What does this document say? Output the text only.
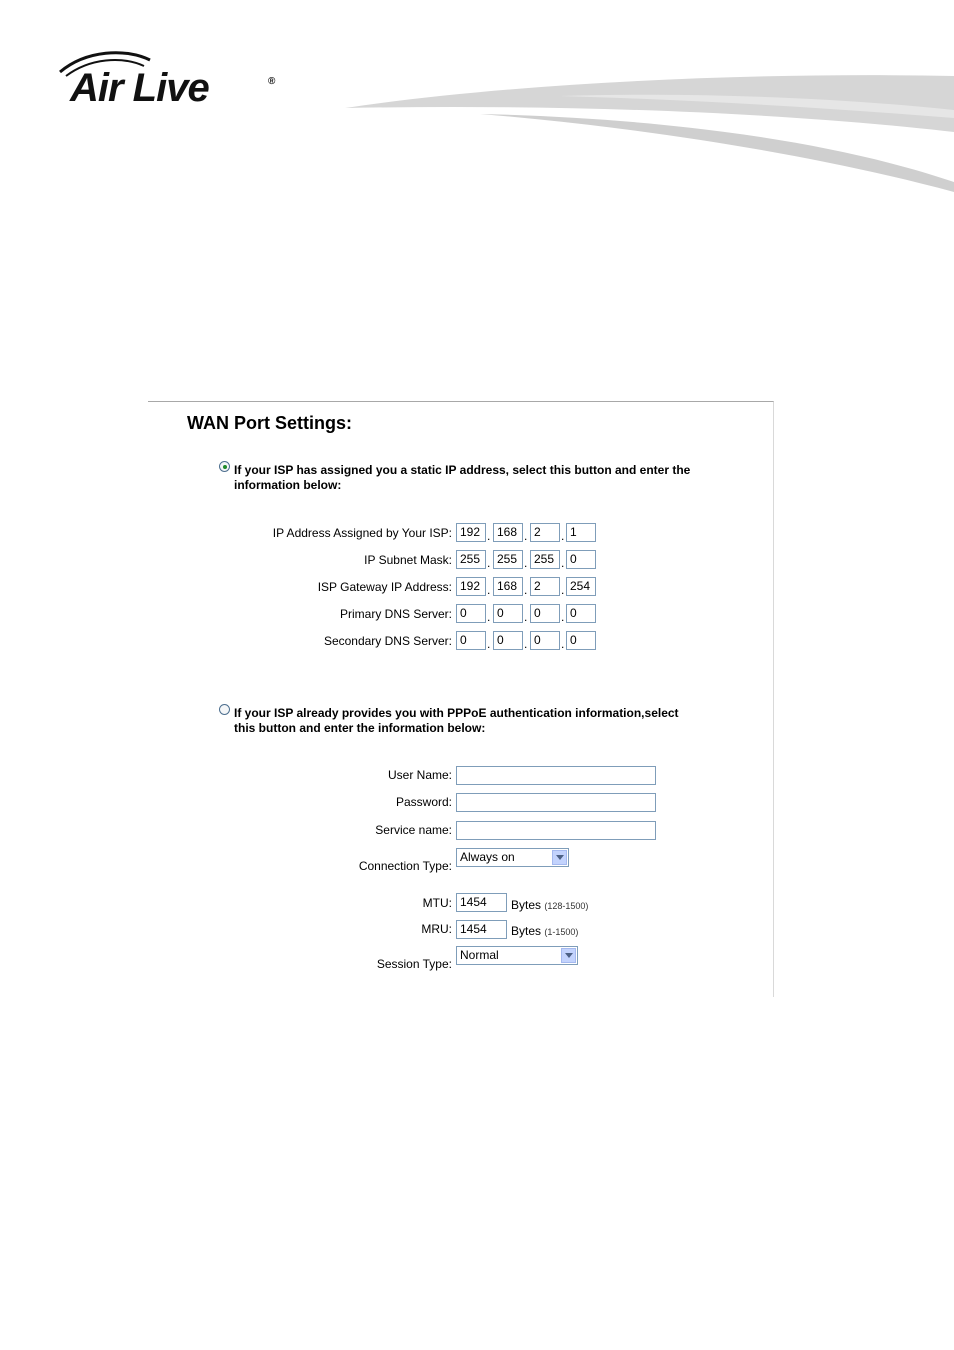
Air Live	®
WAN Port Settings:
If your ISP has assigned you a static IP address, select this button and enter the information below:
IP Address Assigned by Your ISP: 192 . 168 . 2	. 1
IP Subnet Mask: 255 . 255 . 255 . 0
ISP Gateway IP Address: 192 . 168 . 2	. 254
Primary DNS Server: 0	. 0	. 0	. 0
Secondary DNS Server: 0	. 0	. 0	. 0
If your ISP already provides you with PPPoE authentication information,select this button and enter the information below:
User Name:
Password:
Service name:
Connection Type:
Always on
MTU: 1454	Bytes (128-1500)
MRU: 1454	Bytes (1-1500)
Session Type:
Normal
